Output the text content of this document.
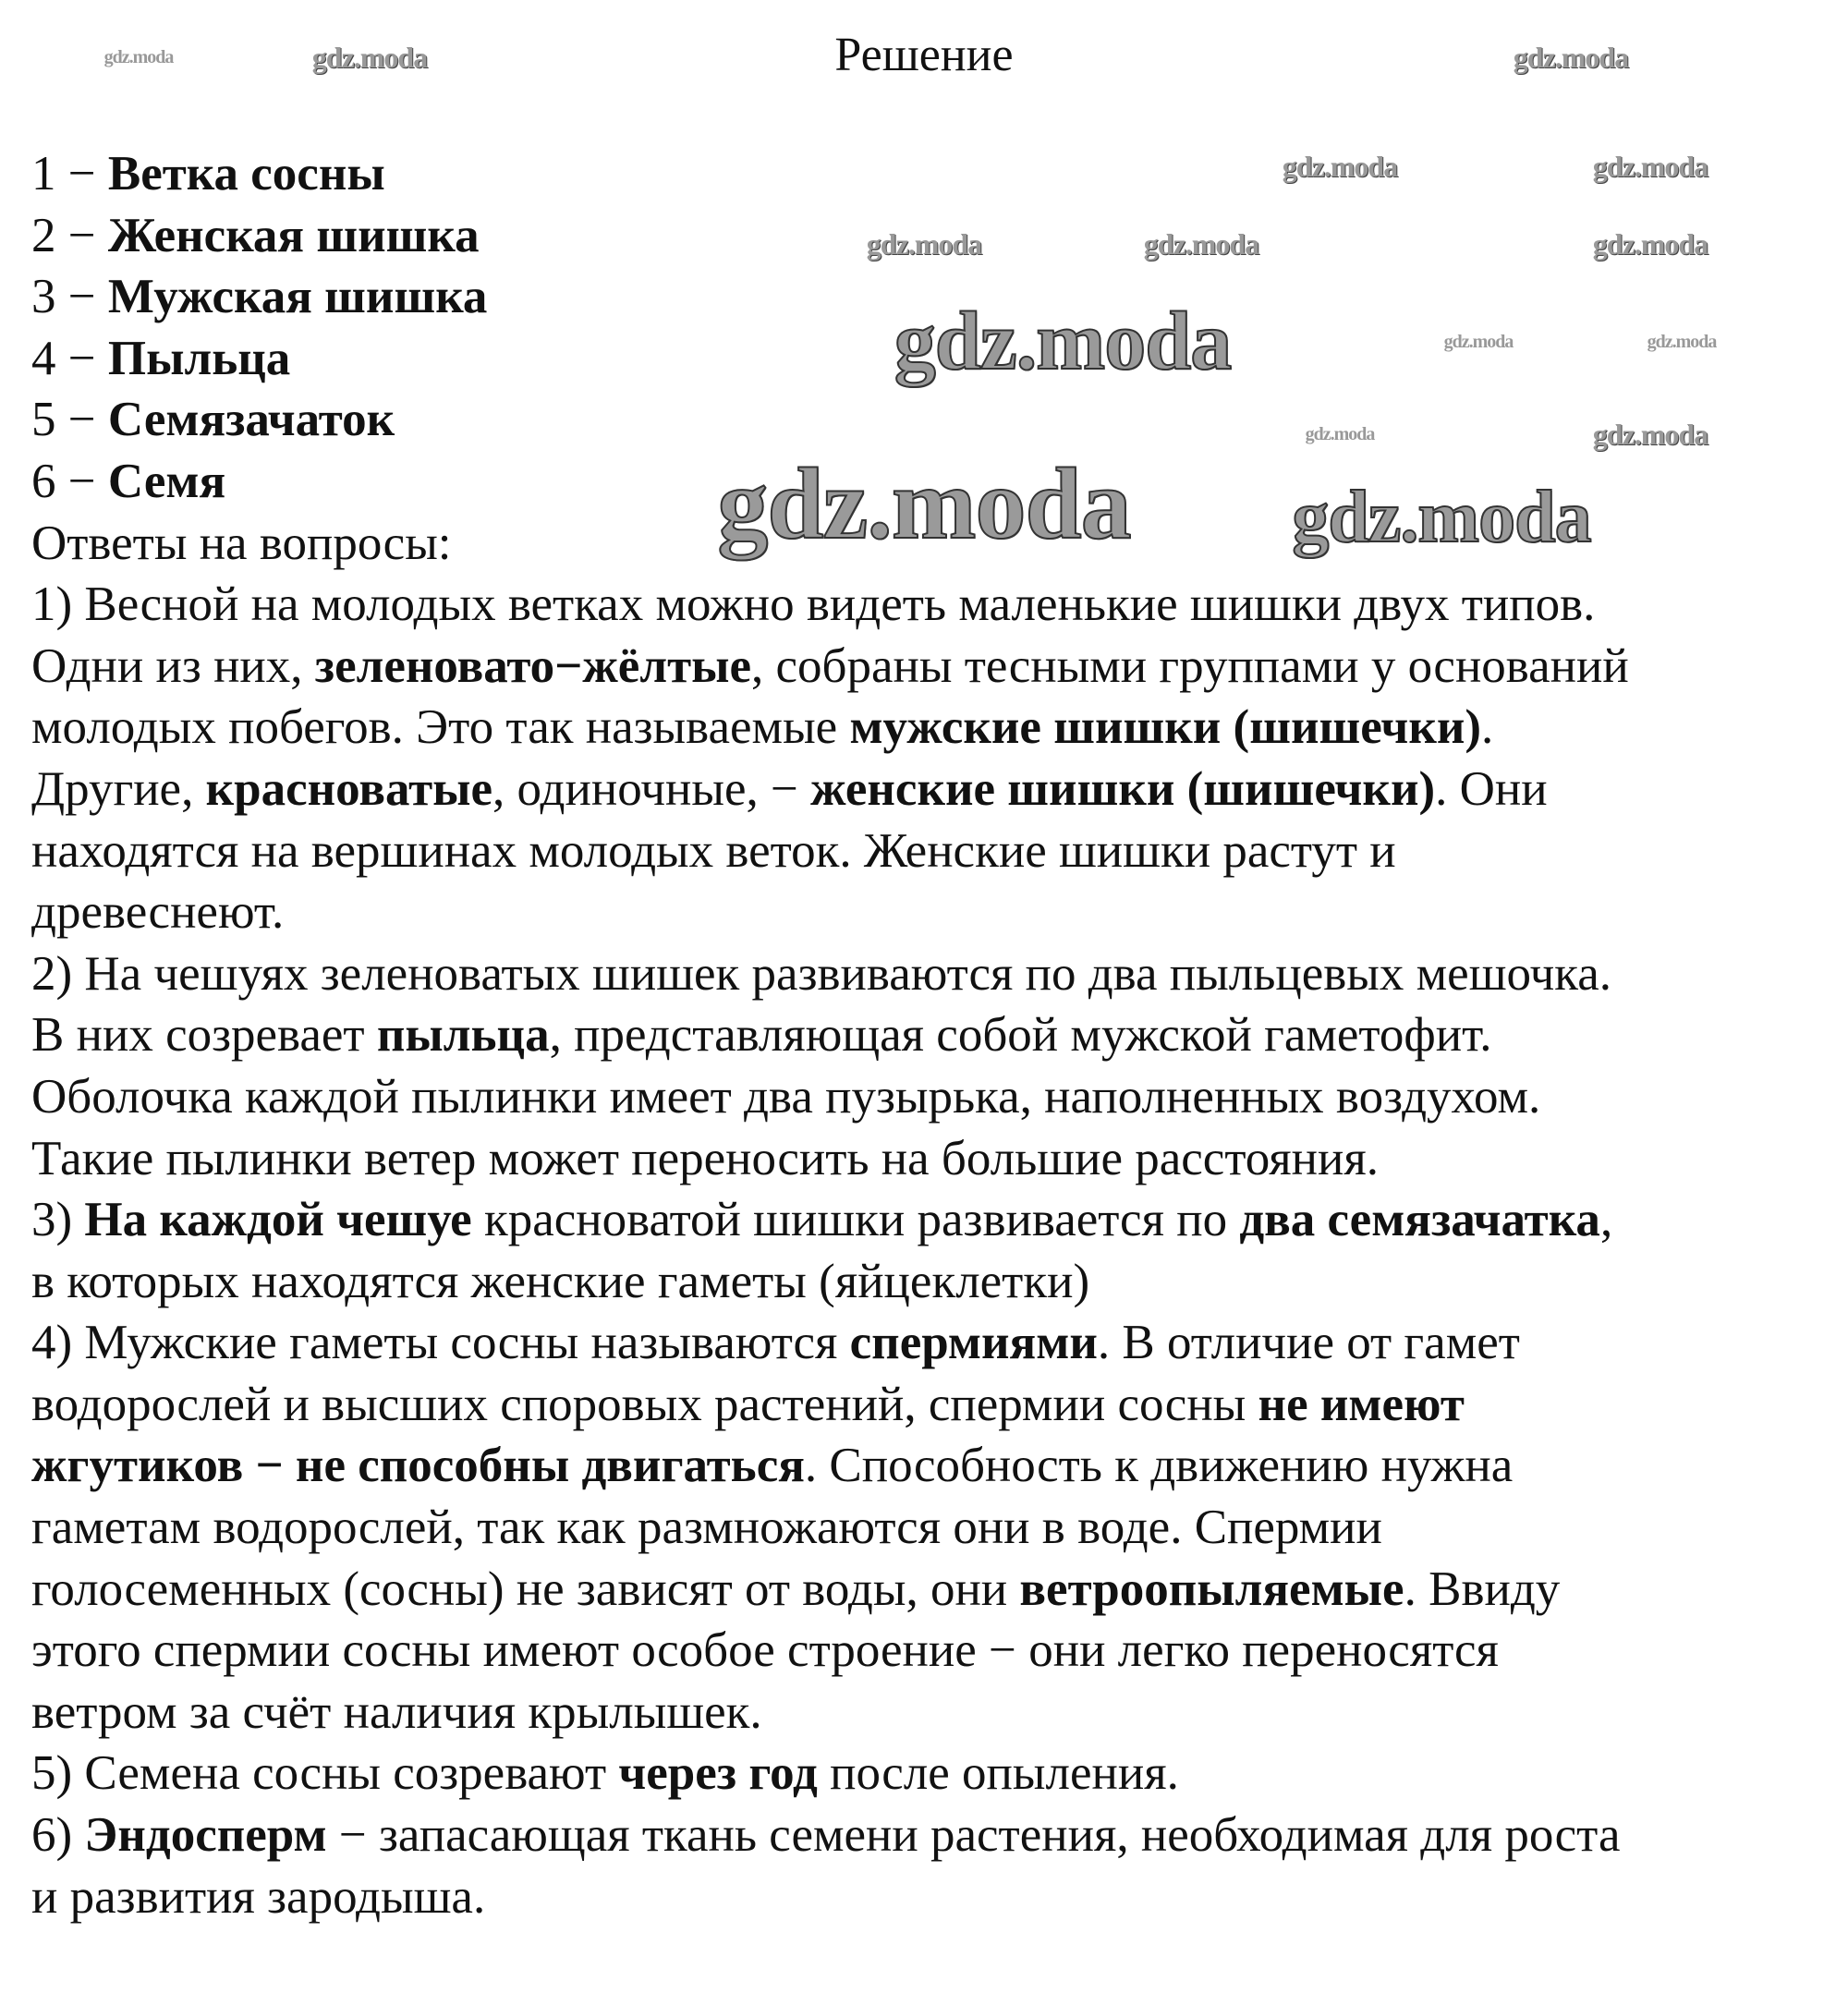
Решение
1 − Ветка сосны
2 − Женская шишка
3 − Мужская шишка
4 − Пыльца
5 − Семязачаток
6 − Семя
Ответы на вопросы:
1) Весной на молодых ветках можно видеть маленькие шишки двух типов.
Одни из них, зеленовато−жёлтые, собраны тесными группами у оснований
молодых побегов. Это так называемые мужские шишки (шишечки).
Другие, красноватые, одиночные, − женские шишки (шишечки). Они
находятся на вершинах молодых веток. Женские шишки растут и
древеснеют.
2) На чешуях зеленоватых шишек развиваются по два пыльцевых мешочка.
В них созревает пыльца, представляющая собой мужской гаметофит.
Оболочка каждой пылинки имеет два пузырька, наполненных воздухом.
Такие пылинки ветер может переносить на большие расстояния.
3) На каждой чешуе красноватой шишки развивается по два семязачатка,
в которых находятся женские гаметы (яйцеклетки)
4) Мужские гаметы сосны называются спермиями. В отличие от гамет
водорослей и высших споровых растений, спермии сосны не имеют
жгутиков − не способны двигаться. Способность к движению нужна
гаметам водорослей, так как размножаются они в воде. Спермии
голосеменных (сосны) не зависят от воды, они ветроопыляемые. Ввиду
этого спермии сосны имеют особое строение − они легко переносятся
ветром за счёт наличия крылышек.
5) Семена сосны созревают через год после опыления.
6) Эндосперм − запасающая ткань семени растения, необходимая для роста
и развития зародыша.
gdz.moda	gdz.moda	gdz.moda
gdz.moda	gdz.moda
gdz.moda	gdz.moda	gdz.moda
gdz.moda	gdz.moda	gdz.moda
gdz.moda	gdz.moda
gdz.moda gdz.moda
